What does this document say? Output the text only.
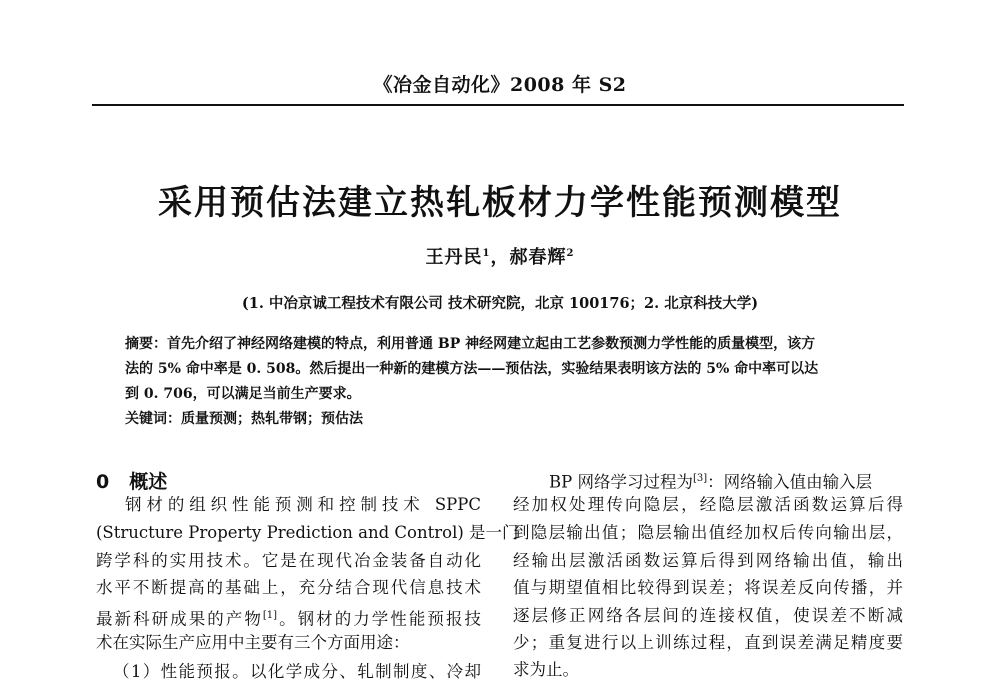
《冶金自动化》2008 年 S2
采用预估法建立热轧板材力学性能预测模型
王丹民$^1$，郝春辉$^2$
(1. 中冶京诚工程技术有限公司 技术研究院，北京 100176；2. 北京科技大学)
摘要：首先介绍了神经网络建模的特点，利用普通 BP 神经网建立起由工艺参数预测力学性能的质量模型，该方
法的 5% 命中率是 0. 508。然后提出一种新的建模方法——预估法，实验结果表明该方法的 5% 命中率可以达
到 0. 706，可以满足当前生产要求。
关键词：质量预测；热轧带钢；预估法
0 概述
钢材的组织性能预测和控制技术 SPPC
(Structure Property Prediction and Control) 是一门
跨学科的实用技术。它是在现代冶金装备自动化
水平不断提高的基础上，充分结合现代信息技术
最新科研成果的产物[1]。钢材的力学性能预报技
术在实际生产应用中主要有三个方面用途：
（1）性能预报。以化学成分、轧制制度、冷却
BP 网络学习过程为[3]：网络输入值由输入层
经加权处理传向隐层，经隐层激活函数运算后得
到隐层输出值；隐层输出值经加权后传向输出层，
经输出层激活函数运算后得到网络输出值，输出
值与期望值相比较得到误差；将误差反向传播，并
逐层修正网络各层间的连接权值，使误差不断减
少；重复进行以上训练过程，直到误差满足精度要
求为止。
